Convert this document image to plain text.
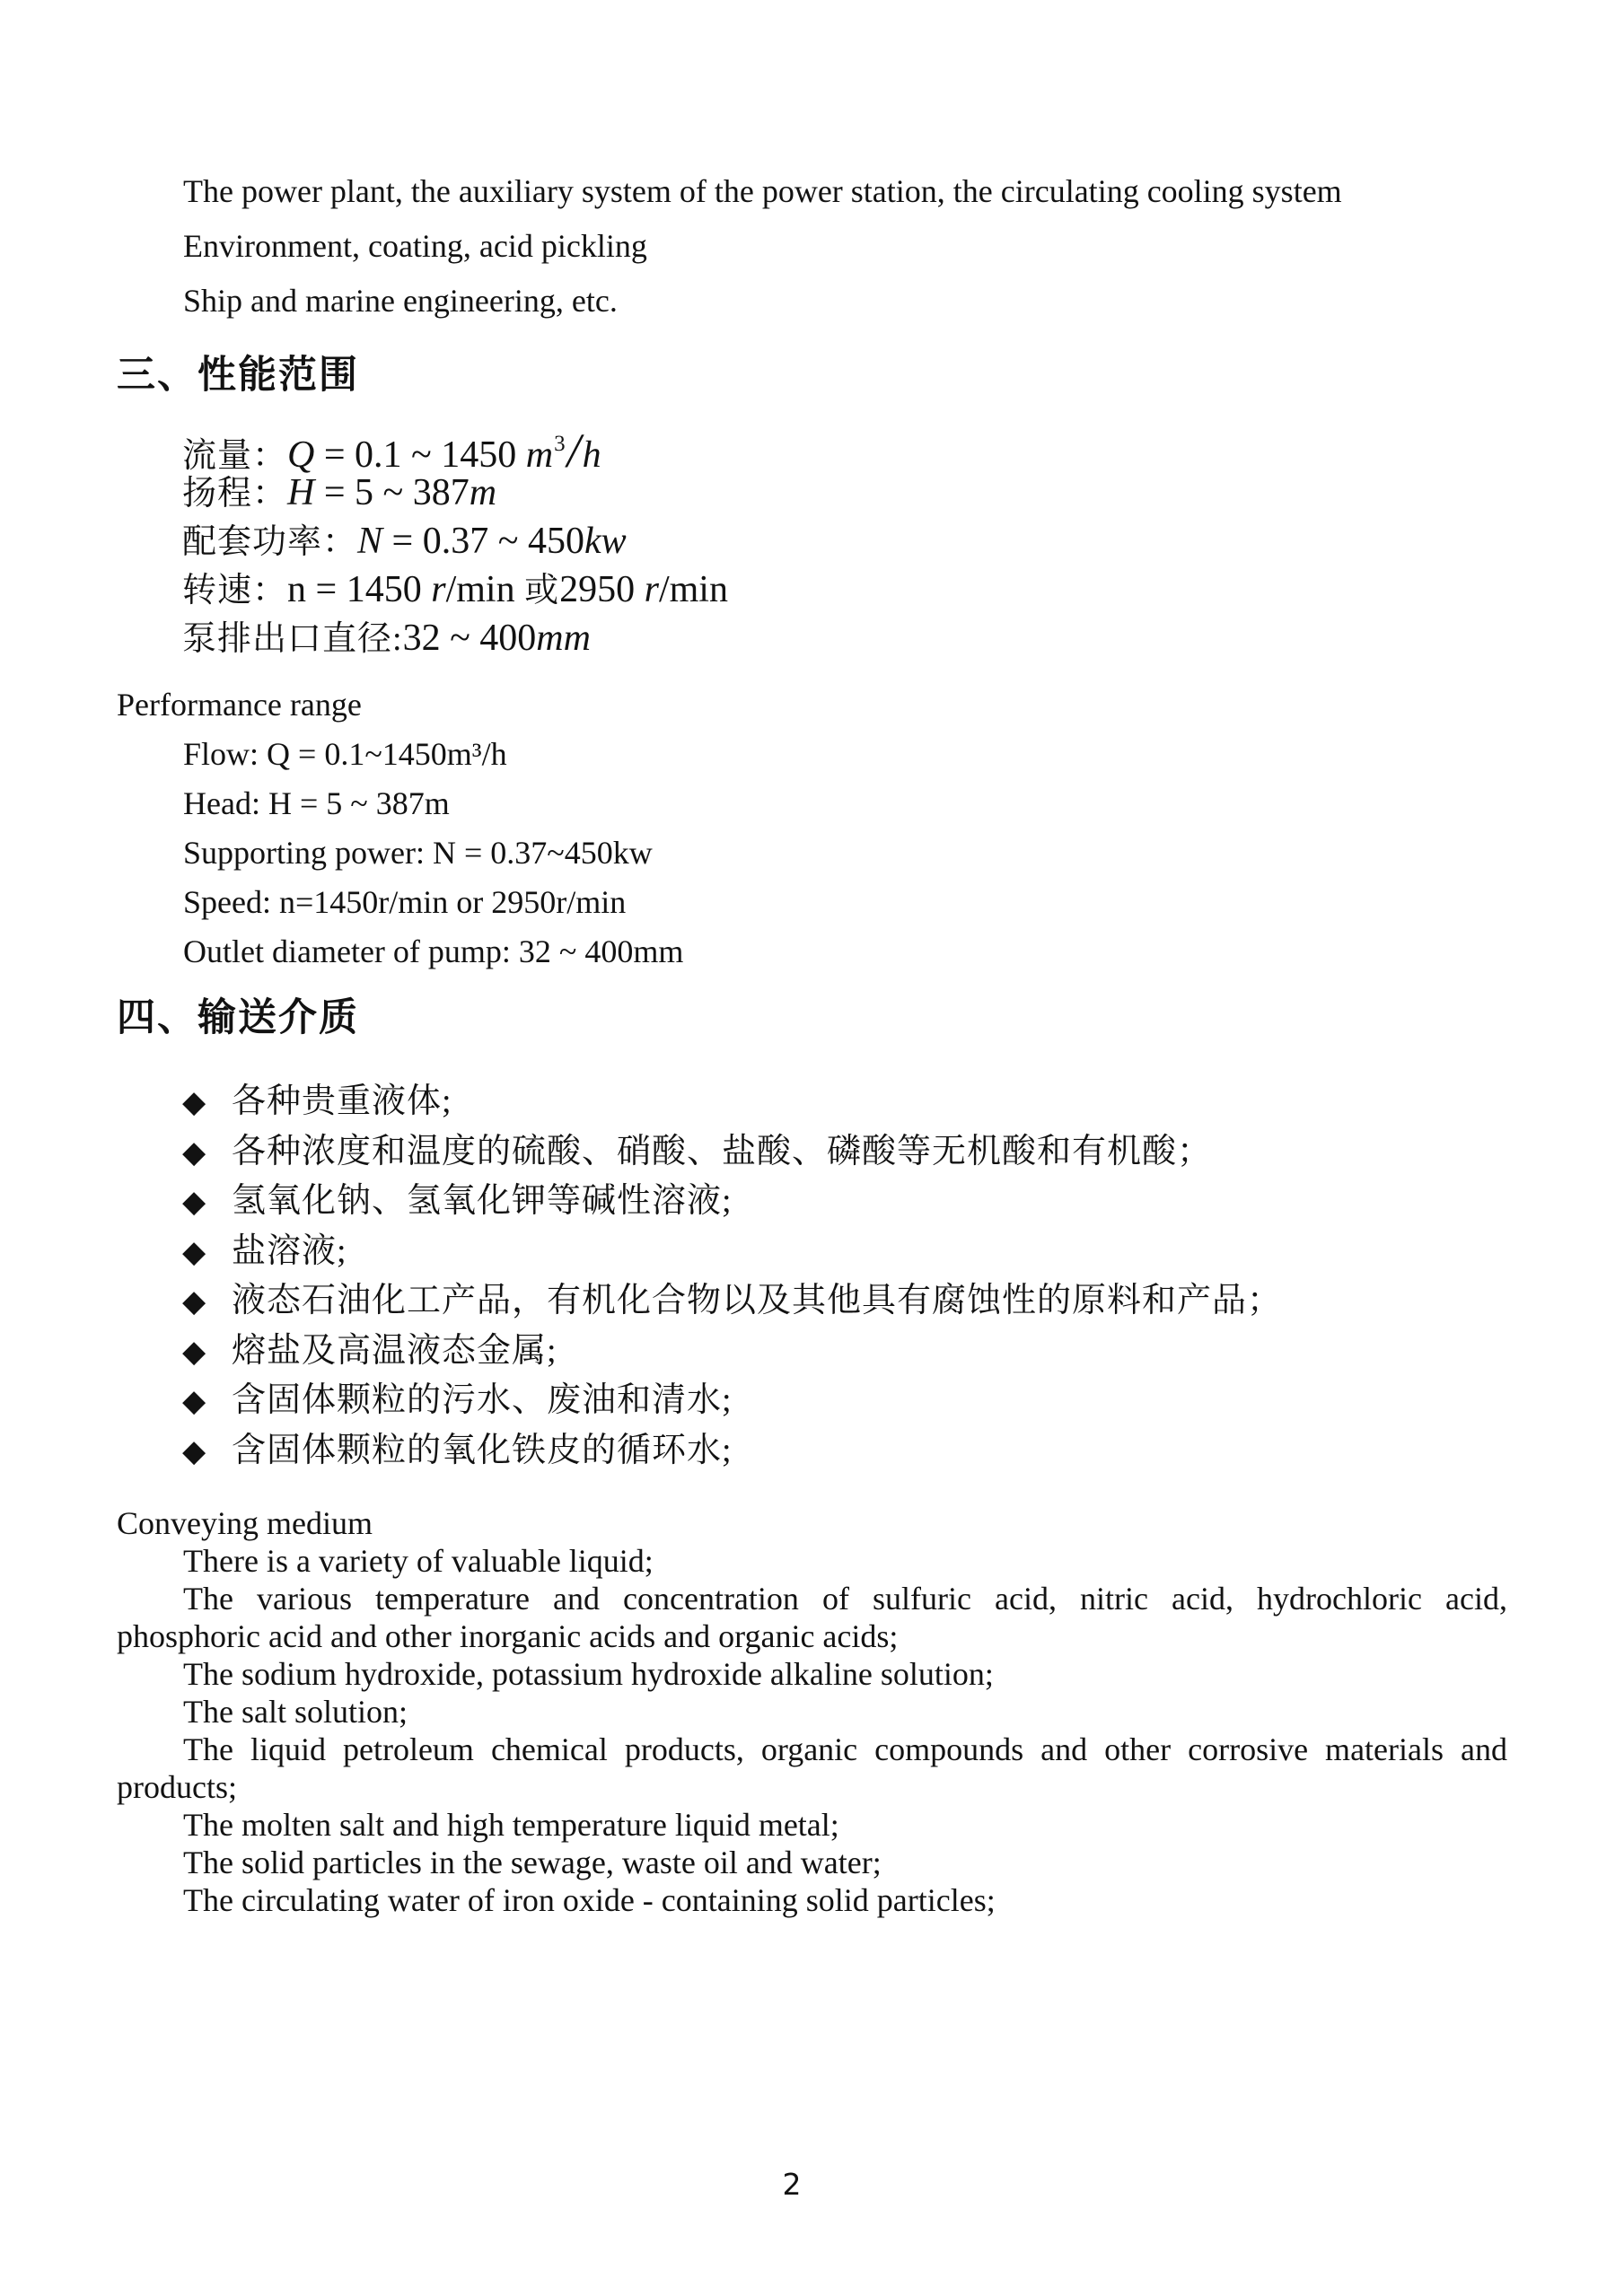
The power plant, the auxiliary system of the power station, the circulating cooling system
Environment, coating, acid pickling
Ship and marine engineering, etc.
三、性能范围
流量：Q = 0.1 ~ 1450 $m^3/h$
扬程：H = 5 ~ 387m
配套功率：N = 0.37 ~ 450kw
转速：n = 1450 r/min 或2950 r/min
泵排出口直径:32 ~ 400mm
Performance range
Flow: Q = 0.1~1450m³/h
Head: H = 5 ~ 387m
Supporting power: N = 0.37~450kw
Speed: n=1450r/min or 2950r/min
Outlet diameter of pump: 32 ~ 400mm
四、输送介质
◆ 各种贵重液体;
◆ 各种浓度和温度的硫酸、硝酸、盐酸、磷酸等无机酸和有机酸；
◆ 氢氧化钠、氢氧化钾等碱性溶液;
◆ 盐溶液;
◆ 液态石油化工产品，有机化合物以及其他具有腐蚀性的原料和产品；
◆ 熔盐及高温液态金属;
◆ 含固体颗粒的污水、废油和清水;
◆ 含固体颗粒的氧化铁皮的循环水;
Conveying medium
There is a variety of valuable liquid;
The various temperature and concentration of sulfuric acid, nitric acid, hydrochloric acid,
phosphoric acid and other inorganic acids and organic acids;
The sodium hydroxide, potassium hydroxide alkaline solution;
The salt solution;
The liquid petroleum chemical products, organic compounds and other corrosive materials and
products;
The molten salt and high temperature liquid metal;
The solid particles in the sewage, waste oil and water;
The circulating water of iron oxide - containing solid particles;
2
